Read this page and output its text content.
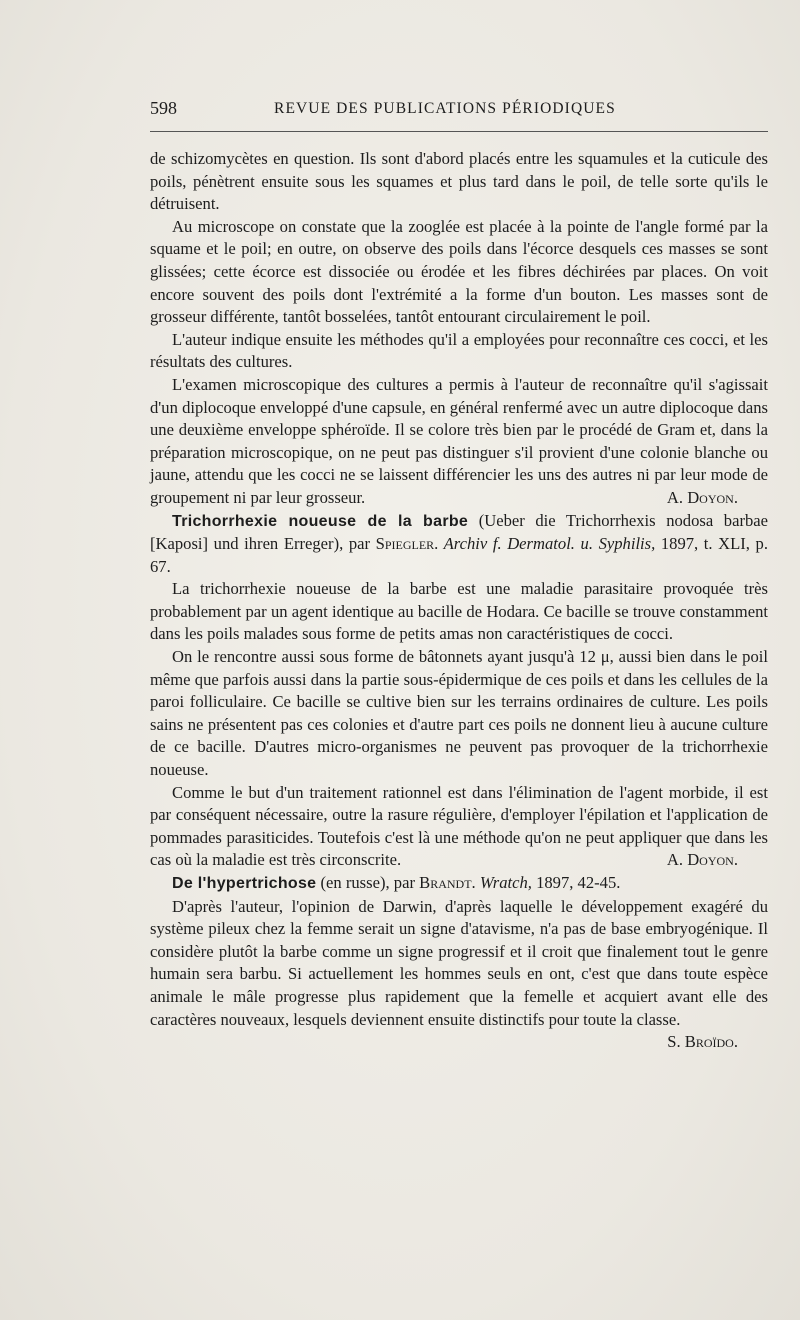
598	REVUE DES PUBLICATIONS PÉRIODIQUES

de schizomycètes en question. Ils sont d'abord placés entre les squamules et la cuticule des poils, pénètrent ensuite sous les squames et plus tard dans le poil, de telle sorte qu'ils le détruisent.

Au microscope on constate que la zooglée est placée à la pointe de l'angle formé par la squame et le poil; en outre, on observe des poils dans l'écorce desquels ces masses se sont glissées; cette écorce est dissociée ou érodée et les fibres déchirées par places. On voit encore souvent des poils dont l'extrémité a la forme d'un bouton. Les masses sont de grosseur différente, tantôt bosselées, tantôt entourant circulairement le poil.

L'auteur indique ensuite les méthodes qu'il a employées pour reconnaître ces cocci, et les résultats des cultures.

L'examen microscopique des cultures a permis à l'auteur de reconnaître qu'il s'agissait d'un diplocoque enveloppé d'une capsule, en général renfermé avec un autre diplocoque dans une deuxième enveloppe sphéroïde. Il se colore très bien par le procédé de Gram et, dans la préparation microscopique, on ne peut pas distinguer s'il provient d'une colonie blanche ou jaune, attendu que les cocci ne se laissent différencier les uns des autres ni par leur mode de groupement ni par leur grosseur.	A. Doyon.

Trichorrhexie noueuse de la barbe (Ueber die Trichorrhexis nodosa barbae [Kaposi] und ihren Erreger), par Spiegler. Archiv f. Dermatol. u. Syphilis, 1897, t. XLI, p. 67.

La trichorrhexie noueuse de la barbe est une maladie parasitaire provoquée très probablement par un agent identique au bacille de Hodara. Ce bacille se trouve constamment dans les poils malades sous forme de petits amas non caractéristiques de cocci.

On le rencontre aussi sous forme de bâtonnets ayant jusqu'à 12 μ, aussi bien dans le poil même que parfois aussi dans la partie sous-épidermique de ces poils et dans les cellules de la paroi folliculaire. Ce bacille se cultive bien sur les terrains ordinaires de culture. Les poils sains ne présentent pas ces colonies et d'autre part ces poils ne donnent lieu à aucune culture de ce bacille. D'autres micro-organismes ne peuvent pas provoquer de la trichorrhexie noueuse.

Comme le but d'un traitement rationnel est dans l'élimination de l'agent morbide, il est par conséquent nécessaire, outre la rasure régulière, d'employer l'épilation et l'application de pommades parasiticides. Toutefois c'est là une méthode qu'on ne peut appliquer que dans les cas où la maladie est très circonscrite.	A. Doyon.

De l'hypertrichose (en russe), par Brandt. Wratch, 1897, 42-45.

D'après l'auteur, l'opinion de Darwin, d'après laquelle le développement exagéré du système pileux chez la femme serait un signe d'atavisme, n'a pas de base embryogénique. Il considère plutôt la barbe comme un signe progressif et il croit que finalement tout le genre humain sera barbu. Si actuellement les hommes seuls en ont, c'est que dans toute espèce animale le mâle progresse plus rapidement que la femelle et acquiert avant elle des caractères nouveaux, lesquels deviennent ensuite distinctifs pour toute la classe.
S. Broïdo.
